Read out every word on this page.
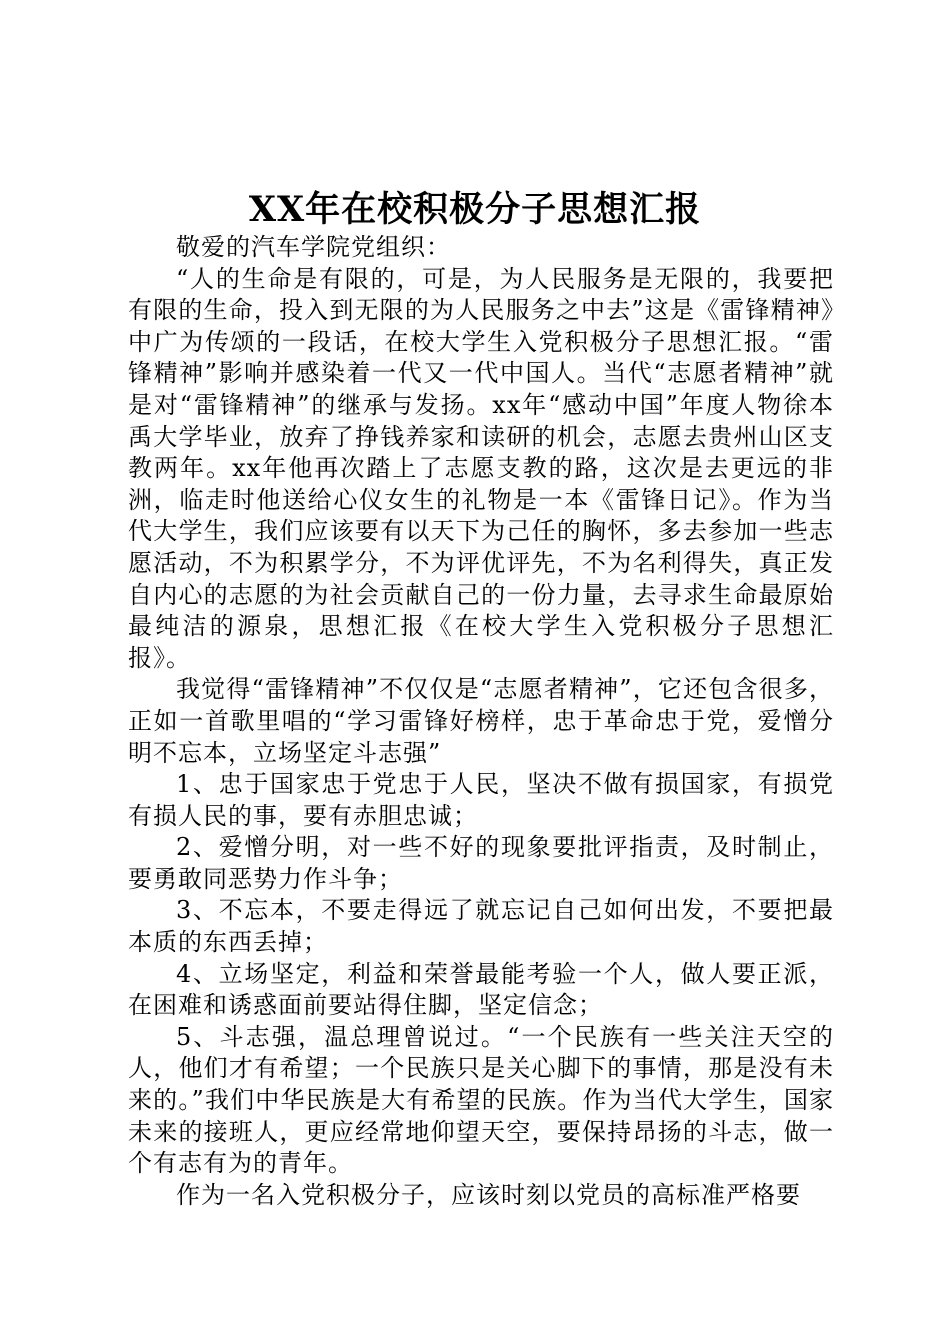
XX年在校积极分子思想汇报

敬爱的汽车学院党组织：

“人的生命是有限的，可是，为人民服务是无限的，我要把有限的生命，投入到无限的为人民服务之中去”这是《雷锋精神》中广为传颂的一段话，在校大学生入党积极分子思想汇报。“雷锋精神”影响并感染着一代又一代中国人。当代“志愿者精神”就是对“雷锋精神”的继承与发扬。xx年“感动中国”年度人物徐本禹大学毕业，放弃了挣钱养家和读研的机会，志愿去贵州山区支教两年。xx年他再次踏上了志愿支教的路，这次是去更远的非洲，临走时他送给心仪女生的礼物是一本《雷锋日记》。作为当代大学生，我们应该要有以天下为己任的胸怀，多去参加一些志愿活动，不为积累学分，不为评优评先，不为名利得失，真正发自内心的志愿的为社会贡献自己的一份力量，去寻求生命最原始最纯洁的源泉，思想汇报《在校大学生入党积极分子思想汇报》。

我觉得“雷锋精神”不仅仅是“志愿者精神”，它还包含很多，正如一首歌里唱的“学习雷锋好榜样，忠于革命忠于党，爱憎分明不忘本，立场坚定斗志强”

1、忠于国家忠于党忠于人民，坚决不做有损国家，有损党有损人民的事，要有赤胆忠诚；

2、爱憎分明，对一些不好的现象要批评指责，及时制止，要勇敢同恶势力作斗争；

3、不忘本，不要走得远了就忘记自己如何出发，不要把最本质的东西丢掉；

4、立场坚定，利益和荣誉最能考验一个人，做人要正派，在困难和诱惑面前要站得住脚，坚定信念；

5、斗志强，温总理曾说过。“一个民族有一些关注天空的人，他们才有希望；一个民族只是关心脚下的事情，那是没有未来的。”我们中华民族是大有希望的民族。作为当代大学生，国家未来的接班人，更应经常地仰望天空，要保持昂扬的斗志，做一个有志有为的青年。

作为一名入党积极分子，应该时刻以党员的高标准严格要
